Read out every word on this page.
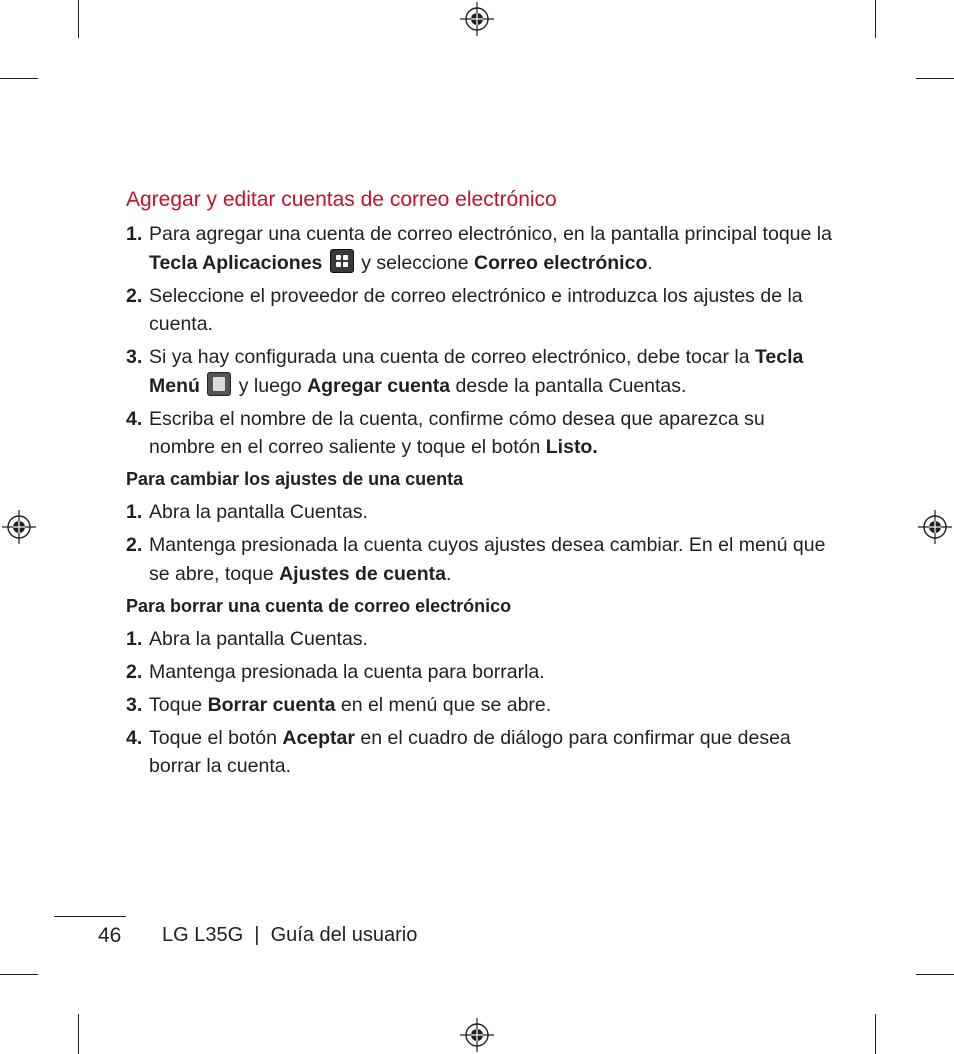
Agregar y editar cuentas de correo electrónico
1. Para agregar una cuenta de correo electrónico, en la pantalla principal toque la Tecla Aplicaciones
y seleccione Correo electrónico.
2. Seleccione el proveedor de correo electrónico e introduzca los ajustes de la cuenta.
3. Si ya hay configurada una cuenta de correo electrónico, debe tocar la Tecla Menú
y luego Agregar cuenta desde la pantalla Cuentas.
4. Escriba el nombre de la cuenta, confirme cómo desea que aparezca su nombre en el correo saliente y toque el botón Listo.
Para cambiar los ajustes de una cuenta
1. Abra la pantalla Cuentas.
2. Mantenga presionada la cuenta cuyos ajustes desea cambiar. En el menú que se abre, toque Ajustes de cuenta.
Para borrar una cuenta de correo electrónico
1. Abra la pantalla Cuentas.
2. Mantenga presionada la cuenta para borrarla.
3. Toque Borrar cuenta en el menú que se abre.
4. Toque el botón Aceptar en el cuadro de diálogo para confirmar que desea borrar la cuenta.
46 LG L35G  |  Guía del usuario
